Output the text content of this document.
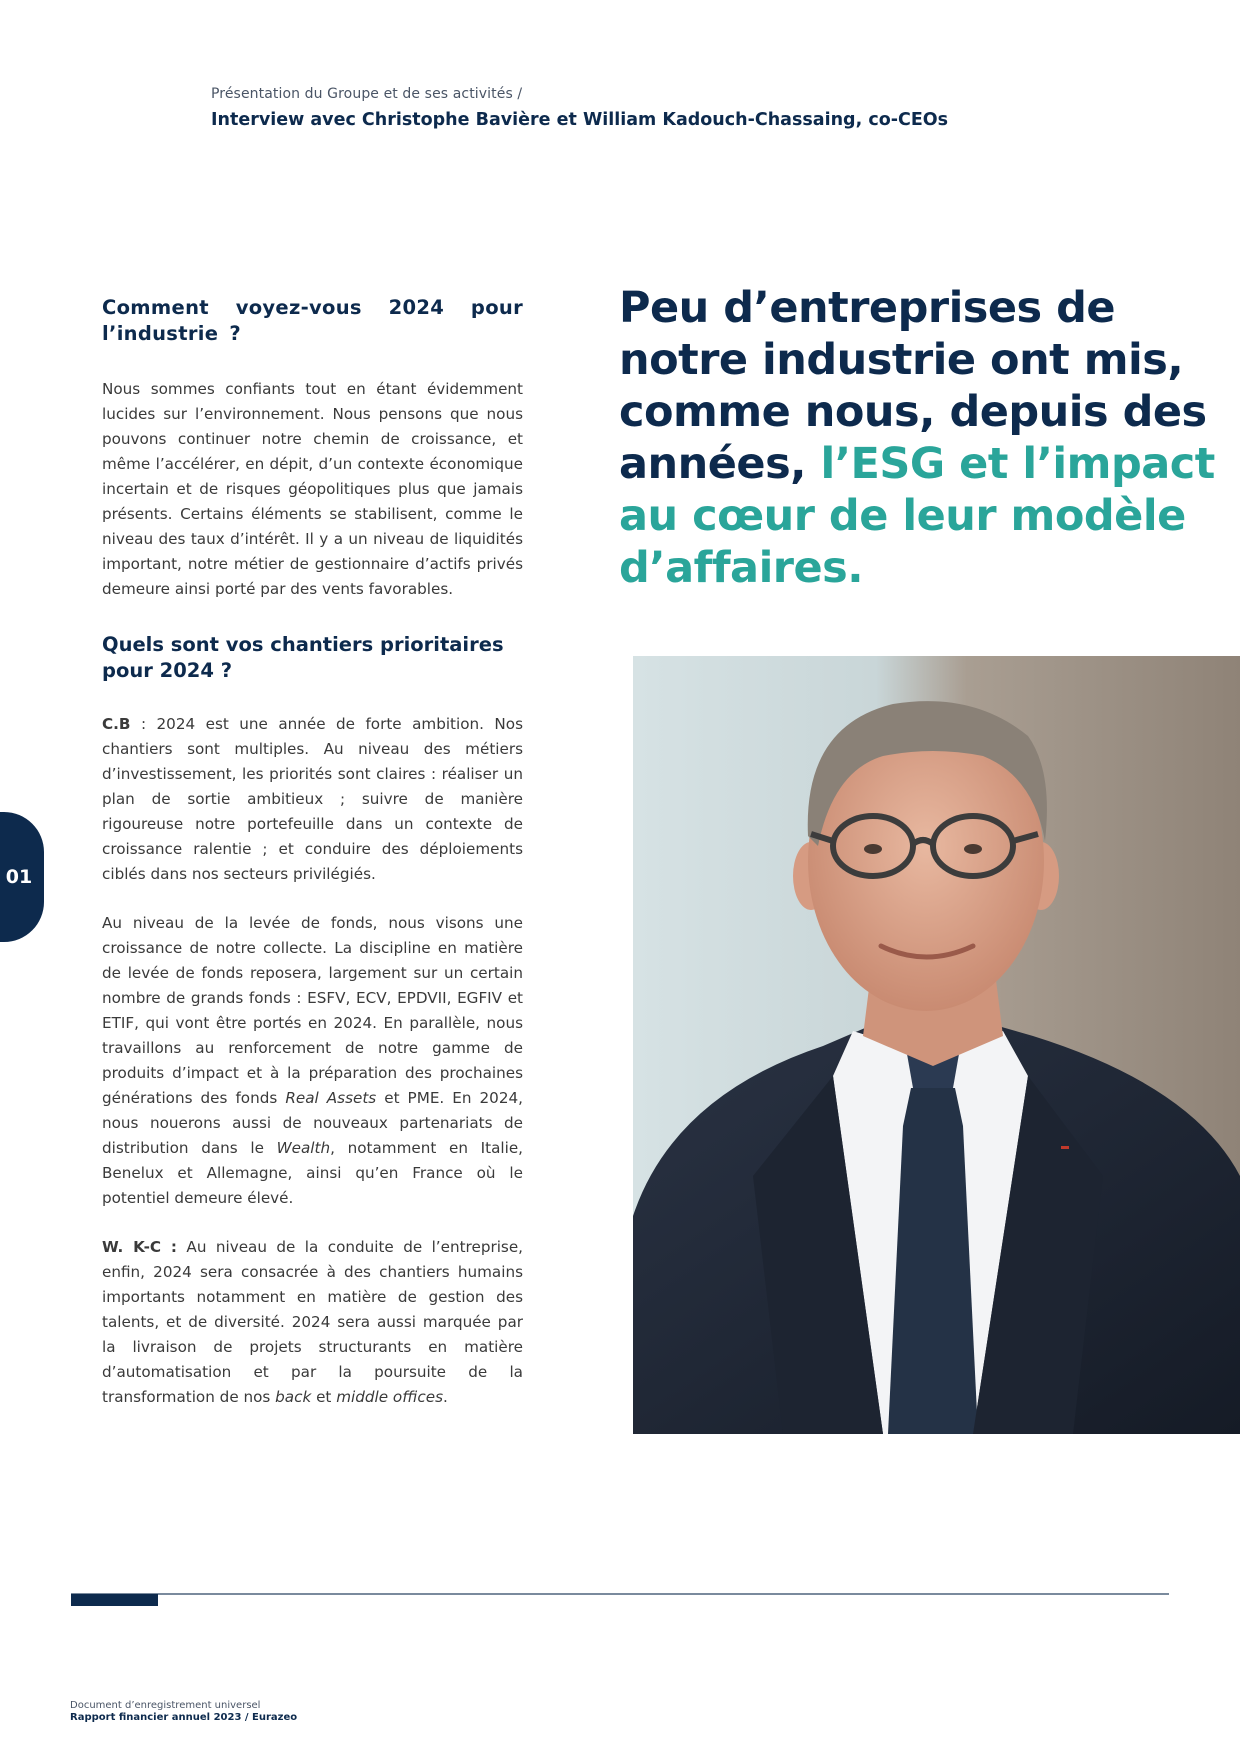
Présentation du Groupe et de ses activités /
Interview avec Christophe Bavière et William Kadouch-Chassaing, co-CEOs
Comment voyez-vous 2024 pour l’industrie ?

Nous sommes confiants tout en étant évidemment lucides sur l’environnement. Nous pensons que nous pouvons continuer notre chemin de croissance, et même l’accélérer, en dépit, d’un contexte économique incertain et de risques géopolitiques plus que jamais présents. Certains éléments se stabilisent, comme le niveau des taux d’intérêt. Il y a un niveau de liquidités important, notre métier de gestionnaire d’actifs privés demeure ainsi porté par des vents favorables.

Quels sont vos chantiers prioritaires pour 2024 ?

C.B : 2024 est une année de forte ambition. Nos chantiers sont multiples. Au niveau des métiers d’investissement, les priorités sont claires : réaliser un plan de sortie ambitieux ; suivre de manière rigoureuse notre portefeuille dans un contexte de croissance ralentie ; et conduire des déploiements ciblés dans nos secteurs privilégiés.

Au niveau de la levée de fonds, nous visons une croissance de notre collecte. La discipline en matière de levée de fonds reposera, largement sur un certain nombre de grands fonds : ESFV, ECV, EPDVII, EGFIV et ETIF, qui vont être portés en 2024. En parallèle, nous travaillons au renforcement de notre gamme de produits d’impact et à la préparation des prochaines générations des fonds Real Assets et PME. En 2024, nous nouerons aussi de nouveaux partenariats de distribution dans le Wealth, notamment en Italie, Benelux et Allemagne, ainsi qu’en France où le potentiel demeure élevé.

W. K-C : Au niveau de la conduite de l’entreprise, enfin, 2024 sera consacrée à des chantiers humains importants notamment en matière de gestion des talents, et de diversité. 2024 sera aussi marquée par la livraison de projets structurants en matière d’automatisation et par la poursuite de la transformation de nos back et middle offices.

Peu d’entreprises de notre industrie ont mis, comme nous, depuis des années, l’ESG et l’impact au cœur de leur modèle d’affaires.
01
Document d’enregistrement universel
Rapport financier annuel 2023 / Eurazeo
